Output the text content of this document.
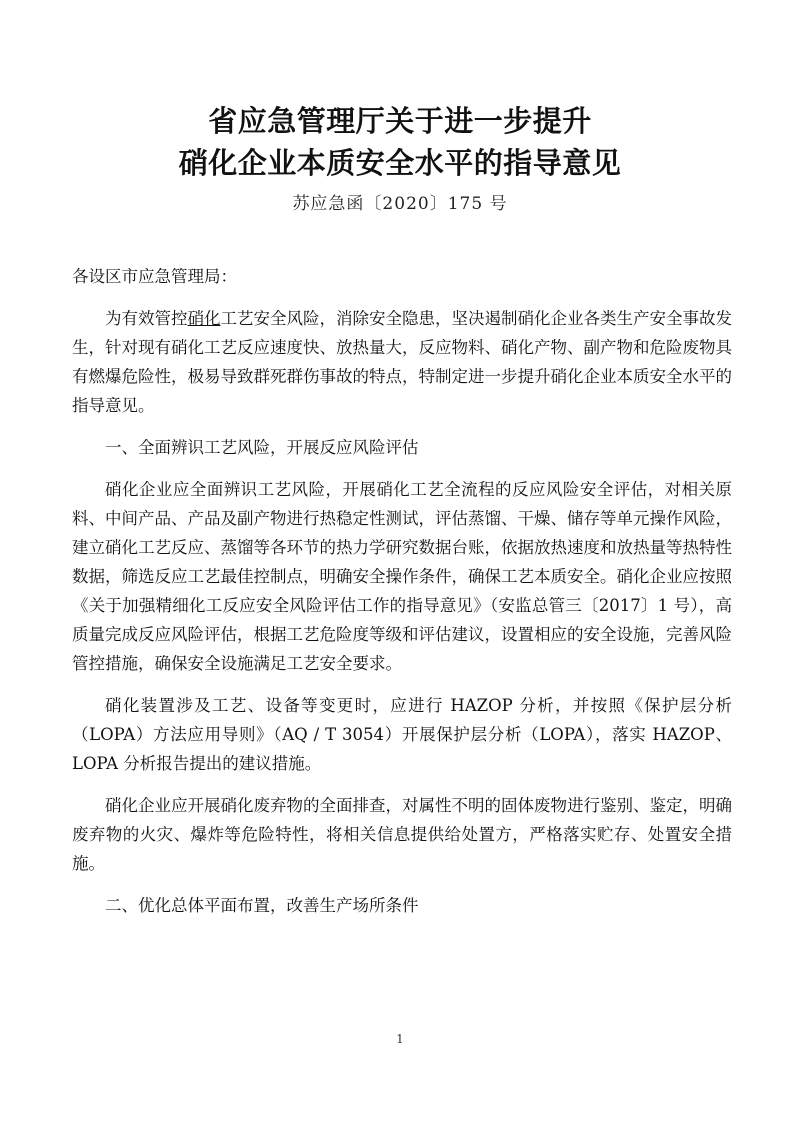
省应急管理厅关于进一步提升
硝化企业本质安全水平的指导意见
苏应急函〔2020〕175 号

各设区市应急管理局：

为有效管控硝化工艺安全风险，消除安全隐患，坚决遏制硝化企业各类生产安全事故发生，针对现有硝化工艺反应速度快、放热量大，反应物料、硝化产物、副产物和危险废物具有燃爆危险性，极易导致群死群伤事故的特点，特制定进一步提升硝化企业本质安全水平的指导意见。

一、全面辨识工艺风险，开展反应风险评估

硝化企业应全面辨识工艺风险，开展硝化工艺全流程的反应风险安全评估，对相关原料、中间产品、产品及副产物进行热稳定性测试，评估蒸馏、干燥、储存等单元操作风险，建立硝化工艺反应、蒸馏等各环节的热力学研究数据台账，依据放热速度和放热量等热特性数据，筛选反应工艺最佳控制点，明确安全操作条件，确保工艺本质安全。硝化企业应按照《关于加强精细化工反应安全风险评估工作的指导意见》（安监总管三〔2017〕1 号），高质量完成反应风险评估，根据工艺危险度等级和评估建议，设置相应的安全设施，完善风险管控措施，确保安全设施满足工艺安全要求。

硝化装置涉及工艺、设备等变更时，应进行 HAZOP 分析，并按照《保护层分析（LOPA）方法应用导则》（AQ / T 3054）开展保护层分析（LOPA），落实 HAZOP、LOPA 分析报告提出的建议措施。

硝化企业应开展硝化废弃物的全面排查，对属性不明的固体废物进行鉴别、鉴定，明确废弃物的火灾、爆炸等危险特性，将相关信息提供给处置方，严格落实贮存、处置安全措施。

二、优化总体平面布置，改善生产场所条件

1
